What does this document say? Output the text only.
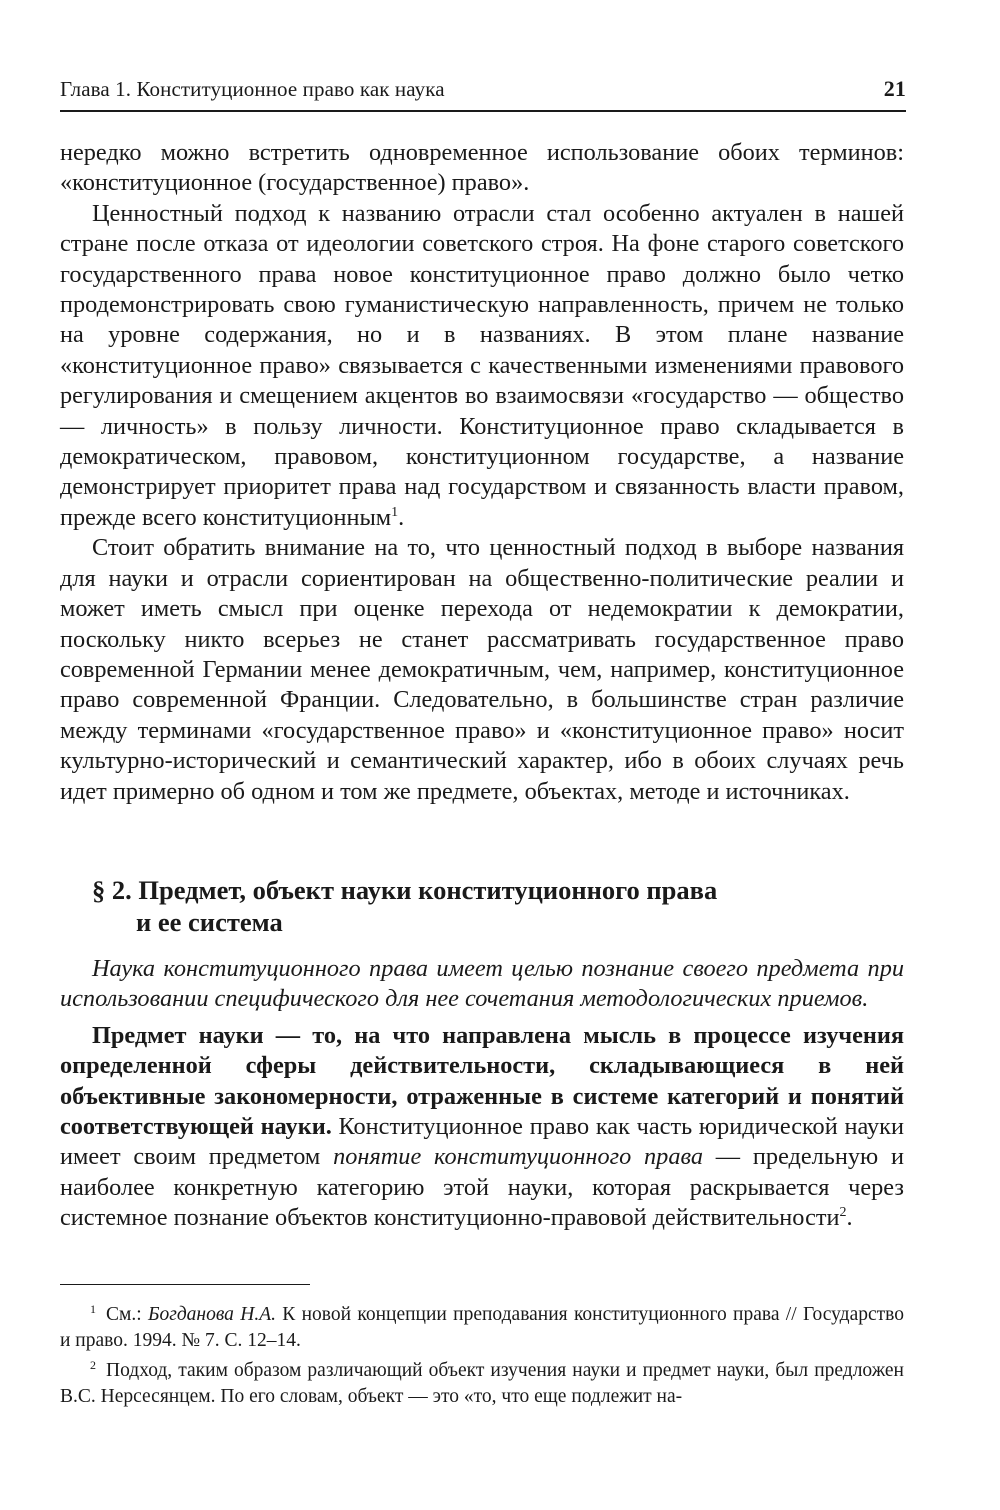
Глава 1. Конституционное право как наука	21

нередко можно встретить одновременное использование обоих терминов: «конституционное (государственное) право».

Ценностный подход к названию отрасли стал особенно актуален в нашей стране после отказа от идеологии советского строя. На фоне старого советского государственного права новое конституционное право должно было четко продемонстрировать свою гуманистическую направленность, причем не только на уровне содержания, но и в названиях. В этом плане название «конституционное право» связывается с качественными изменениями правового регулирования и смещением акцентов во взаимосвязи «государство — общество — личность» в пользу личности. Конституционное право складывается в демократическом, правовом, конституционном государстве, а название демонстрирует приоритет права над государством и связанность власти правом, прежде всего конституционным$^1$.

Стоит обратить внимание на то, что ценностный подход в выборе названия для науки и отрасли сориентирован на общественно-политические реалии и может иметь смысл при оценке перехода от недемократии к демократии, поскольку никто всерьез не станет рассматривать государственное право современной Германии менее демократичным, чем, например, конституционное право современной Франции. Следовательно, в большинстве стран различие между терминами «государственное право» и «конституционное право» носит культурно-исторический и семантический характер, ибо в обоих случаях речь идет примерно об одном и том же предмете, объектах, методе и источниках.

§ 2. Предмет, объект науки конституционного права
и ее система

Наука конституционного права имеет целью познание своего предмета при использовании специфического для нее сочетания методологических приемов.

Предмет науки — то, на что направлена мысль в процессе изучения определенной сферы действительности, складывающиеся в ней объективные закономерности, отраженные в системе категорий и понятий соответствующей науки. Конституционное право как часть юридической науки имеет своим предметом понятие конституционного права — предельную и наиболее конкретную категорию этой науки, которая раскрывается через системное познание объектов конституционно-правовой действительности$^2$.

$^1$ См.: Богданова Н.А. К новой концепции преподавания конституционного права // Государство и право. 1994. № 7. С. 12–14.

$^2$ Подход, таким образом различающий объект изучения науки и предмет науки, был предложен В.С. Нерсесянцем. По его словам, объект — это «то, что еще подлежит на-
